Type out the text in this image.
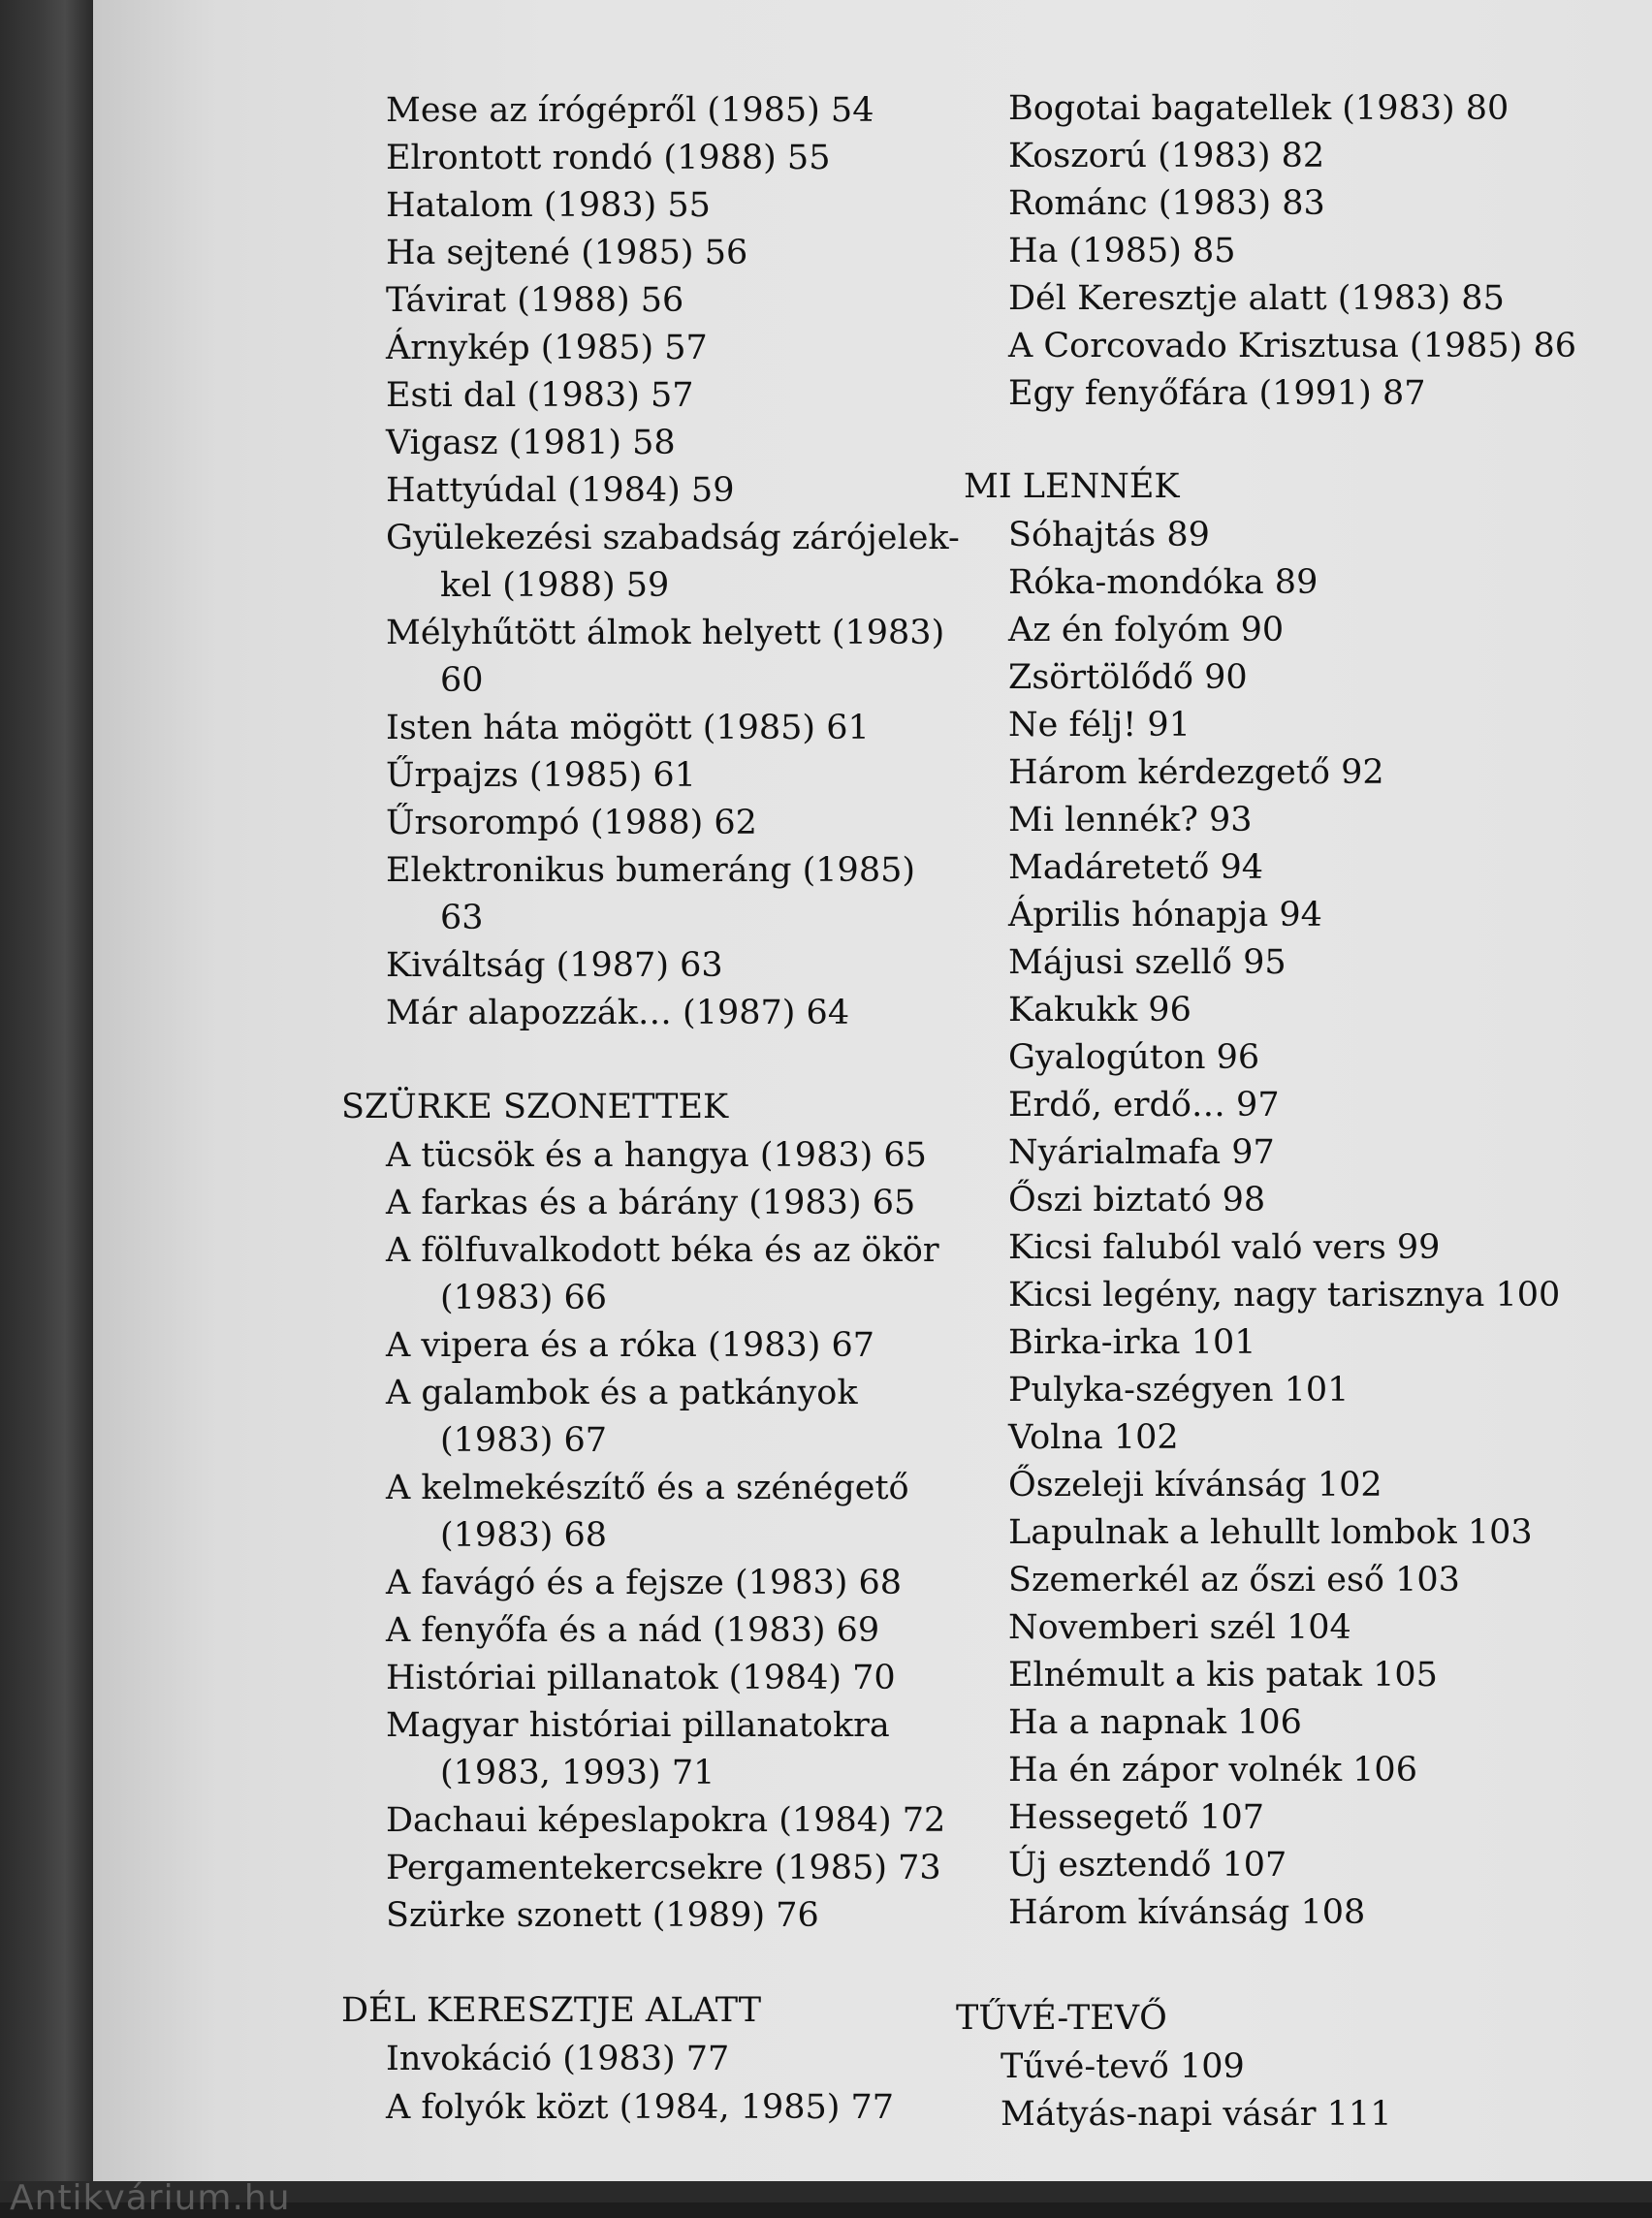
Mese az írógépről (1985) 54
Elrontott rondó (1988) 55
Hatalom (1983) 55
Ha sejtené (1985) 56
Távirat (1988) 56
Árnykép (1985) 57
Esti dal (1983) 57
Vigasz (1981) 58
Hattyúdal (1984) 59
Gyülekezési szabadság zárójelek-
kel (1988) 59
Mélyhűtött álmok helyett (1983)
60
Isten háta mögött (1985) 61
Űrpajzs (1985) 61
Űrsorompó (1988) 62
Elektronikus bumeráng (1985)
63
Kiváltság (1987) 63
Már alapozzák… (1987) 64
SZÜRKE SZONETTEK
A tücsök és a hangya (1983) 65
A farkas és a bárány (1983) 65
A fölfuvalkodott béka és az ökör
(1983) 66
A vipera és a róka (1983) 67
A galambok és a patkányok
(1983) 67
A kelmekészítő és a szénégető
(1983) 68
A favágó és a fejsze (1983) 68
A fenyőfa és a nád (1983) 69
Históriai pillanatok (1984) 70
Magyar históriai pillanatokra
(1983, 1993) 71
Dachaui képeslapokra (1984) 72
Pergamentekercsekre (1985) 73
Szürke szonett (1989) 76
DÉL KERESZTJE ALATT
Invokáció (1983) 77
A folyók közt (1984, 1985) 77
Bogotai bagatellek (1983) 80
Koszorú (1983) 82
Románc (1983) 83
Ha (1985) 85
Dél Keresztje alatt (1983) 85
A Corcovado Krisztusa (1985) 86
Egy fenyőfára (1991) 87
MI LENNÉK
Sóhajtás 89
Róka-mondóka 89
Az én folyóm 90
Zsörtölődő 90
Ne félj! 91
Három kérdezgető 92
Mi lennék? 93
Madáretető 94
Április hónapja 94
Májusi szellő 95
Kakukk 96
Gyalogúton 96
Erdő, erdő… 97
Nyárialmafa 97
Őszi biztató 98
Kicsi faluból való vers 99
Kicsi legény, nagy tarisznya 100
Birka-irka 101
Pulyka-szégyen 101
Volna 102
Őszeleji kívánság 102
Lapulnak a lehullt lombok 103
Szemerkél az őszi eső 103
Novemberi szél 104
Elnémult a kis patak 105
Ha a napnak 106
Ha én zápor volnék 106
Hessegető 107
Új esztendő 107
Három kívánság 108
TŰVÉ-TEVŐ
Tűvé-tevő 109
Mátyás-napi vásár 111
Antikvárium.hu
